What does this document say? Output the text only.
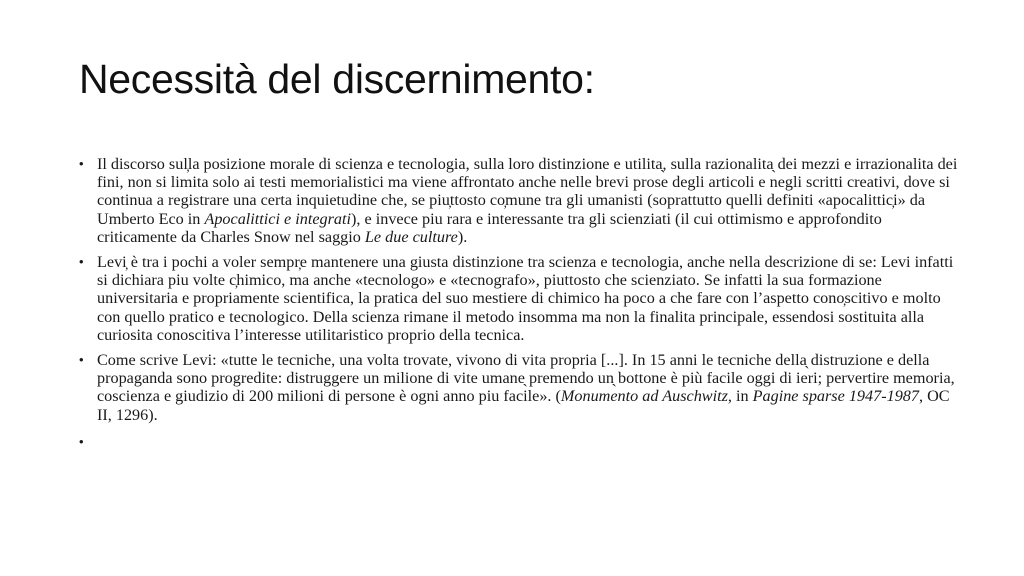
Necessità del discernimento:
• Il discorso sul̦la posizione morale di scienza e tecnologia, sulla loro distinzione e utilita̖, sulla razionalita̖ dei mezzi e irrazionalita dei fini, non si limita solo ai testi memorialistici ma viene affrontato anche nelle brevi prose degli articoli e negli scritti creativi, dove si continua a registrare una certa inquietudine che, se piu̦ttosto co̦mune tra gli umanisti (soprattutto quelli definiti «apocalittic̦i» da Umberto Eco in Apocalittici e integrati), e invece piu rara e interessante tra gli scienziati (il cui ottimismo e approfondito criticamente da Charles Snow nel saggio Le due culture).
• Levi̦ è tra i pochi a voler sempr̦e mantenere una giusta distinzione tra scienza e tecnologia, anche nella descrizione di se: Levi infatti si dichiara piu volte c̦himico, ma anche «tecnologo» e «tecnografo», piuttosto che scienziato. Se infatti la sua formazione universitaria e propriamente scientifica, la pratica del suo mestiere di chimico ha poco a che fare con l’aspetto cono̦scitivo e molto con quello pratico e tecnologico. Della scienza rimane il metodo insomma ma non la finalita principale, essendosi sostituita alla curiosita conoscitiva l’interesse utilitaristico proprio della tecnica.
• Come scrive Levi: «tutte le tecniche, una volta trovate, vivono di vita propria [...]. In 15 anni le tecniche della̖ distruzione e della propaganda sono progredite: distruggere un milione di vite umane̖ premendo un̖ bottone è più facile oggi di ieri; pervertire memoria, coscienza e giudizio di 200 milioni di persone è ogni anno piu facile». (Monumento ad Auschwitz, in Pagine sparse 1947-1987, OC II, 1296).
•
